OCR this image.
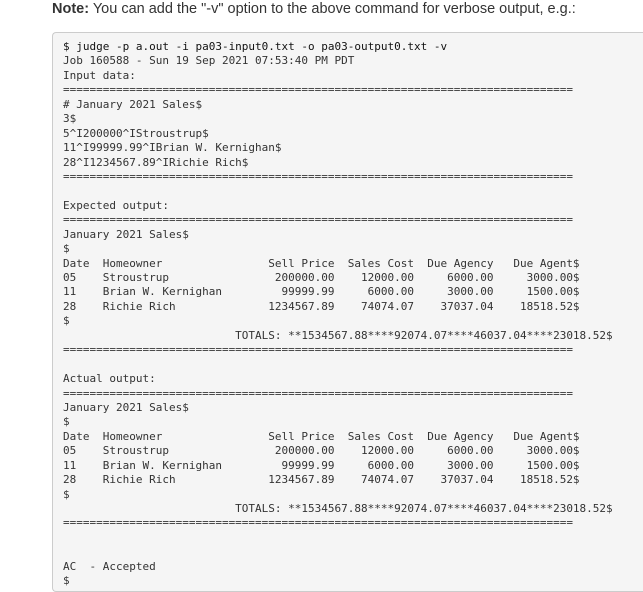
Note: You can add the "-v" option to the above command for verbose output, e.g.:
$ judge -p a.out -i pa03-input0.txt -o pa03-output0.txt -v
Job 160588 - Sun 19 Sep 2021 07:53:40 PM PDT
Input data:
=============================================================================
# January 2021 Sales$
3$
5^I200000^IStroustrup$
11^I99999.99^IBrian W. Kernighan$
28^I1234567.89^IRichie Rich$
=============================================================================
Expected output:
=============================================================================
January 2021 Sales$
$
Date  Homeowner                Sell Price  Sales Cost  Due Agency   Due Agent$
05    Stroustrup                200000.00    12000.00     6000.00     3000.00$
11    Brian W. Kernighan         99999.99     6000.00     3000.00     1500.00$
28    Richie Rich              1234567.89    74074.07    37037.04    18518.52$
$
TOTALS: **1534567.88****92074.07****46037.04****23018.52$
=============================================================================
Actual output:
=============================================================================
January 2021 Sales$
$
Date  Homeowner                Sell Price  Sales Cost  Due Agency   Due Agent$
05    Stroustrup                200000.00    12000.00     6000.00     3000.00$
11    Brian W. Kernighan         99999.99     6000.00     3000.00     1500.00$
28    Richie Rich              1234567.89    74074.07    37037.04    18518.52$
$
TOTALS: **1534567.88****92074.07****46037.04****23018.52$
=============================================================================
AC  - Accepted
$
